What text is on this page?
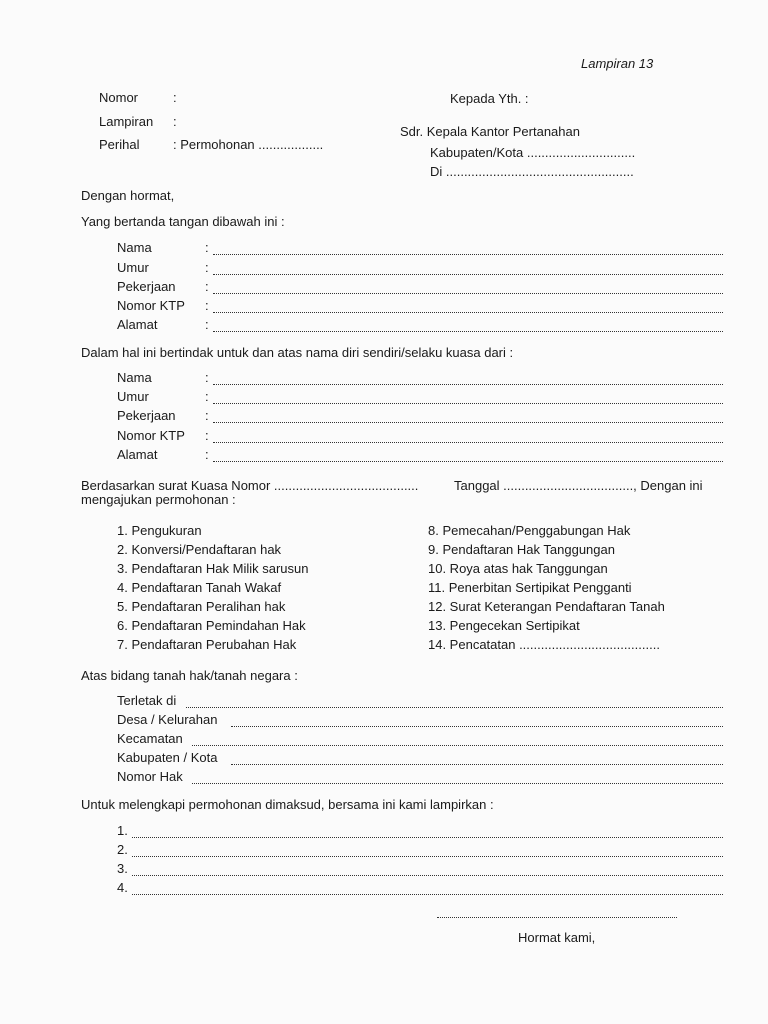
Lampiran 13
Nomor	:
Lampiran :
Perihal	: Permohonan ..................
Kepada Yth. :
Sdr. Kepala Kantor Pertanahan
Kabupaten/Kota ..............................
Di ....................................................
Dengan hormat,
Yang bertanda tangan dibawah ini :
Nama	:
Umur	:
Pekerjaan :
Nomor KTP :
Alamat	:
Dalam hal ini bertindak untuk dan atas nama diri sendiri/selaku kuasa dari :
Nama	:
Umur	:
Pekerjaan :
Nomor KTP :
Alamat	:
Berdasarkan surat Kuasa Nomor ........................................	Tanggal ...................................., Dengan ini
mengajukan permohonan :
1. Pengukuran
2. Konversi/Pendaftaran hak
3. Pendaftaran Hak Milik sarusun
4. Pendaftaran Tanah Wakaf
5. Pendaftaran Peralihan hak
6. Pendaftaran Pemindahan Hak
7. Pendaftaran Perubahan Hak
8. Pemecahan/Penggabungan Hak
9. Pendaftaran Hak Tanggungan
10. Roya atas hak Tanggungan
11. Penerbitan Sertipikat Pengganti
12. Surat Keterangan Pendaftaran Tanah
13. Pengecekan Sertipikat
14. Pencatatan .......................................
Atas bidang tanah hak/tanah negara :
Terletak di
Desa / Kelurahan
Kecamatan
Kabupaten / Kota
Nomor Hak
Untuk melengkapi permohonan dimaksud, bersama ini kami lampirkan :
1.
2.
3.
4.
Hormat kami,
